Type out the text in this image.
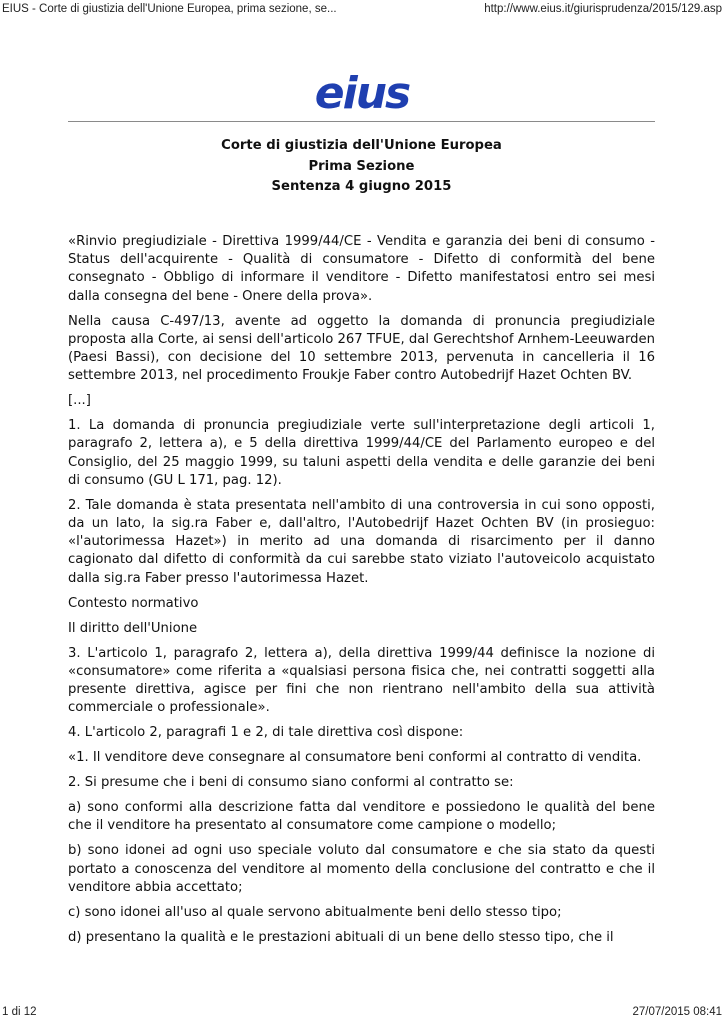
EIUS - Corte di giustizia dell'Unione Europea, prima sezione, se...	http://www.eius.it/giurisprudenza/2015/129.asp
eius
Corte di giustizia dell'Unione Europea
Prima Sezione
Sentenza 4 giugno 2015

«Rinvio pregiudiziale - Direttiva 1999/44/CE - Vendita e garanzia dei beni di consumo - Status dell'acquirente - Qualità di consumatore - Difetto di conformità del bene consegnato - Obbligo di informare il venditore - Difetto manifestatosi entro sei mesi dalla consegna del bene - Onere della prova».

Nella causa C-497/13, avente ad oggetto la domanda di pronuncia pregiudiziale proposta alla Corte, ai sensi dell'articolo 267 TFUE, dal Gerechtshof Arnhem-Leeuwarden (Paesi Bassi), con decisione del 10 settembre 2013, pervenuta in cancelleria il 16 settembre 2013, nel procedimento Froukje Faber contro Autobedrijf Hazet Ochten BV.

[...]

1. La domanda di pronuncia pregiudiziale verte sull'interpretazione degli articoli 1, paragrafo 2, lettera a), e 5 della direttiva 1999/44/CE del Parlamento europeo e del Consiglio, del 25 maggio 1999, su taluni aspetti della vendita e delle garanzie dei beni di consumo (GU L 171, pag. 12).

2. Tale domanda è stata presentata nell'ambito di una controversia in cui sono opposti, da un lato, la sig.ra Faber e, dall'altro, l'Autobedrijf Hazet Ochten BV (in prosieguo: «l'autorimessa Hazet») in merito ad una domanda di risarcimento per il danno cagionato dal difetto di conformità da cui sarebbe stato viziato l'autoveicolo acquistato dalla sig.ra Faber presso l'autorimessa Hazet.

Contesto normativo

Il diritto dell'Unione

3. L'articolo 1, paragrafo 2, lettera a), della direttiva 1999/44 definisce la nozione di «consumatore» come riferita a «qualsiasi persona fisica che, nei contratti soggetti alla presente direttiva, agisce per fini che non rientrano nell'ambito della sua attività commerciale o professionale».

4. L'articolo 2, paragrafi 1 e 2, di tale direttiva così dispone:

«1. Il venditore deve consegnare al consumatore beni conformi al contratto di vendita.

2. Si presume che i beni di consumo siano conformi al contratto se:

a) sono conformi alla descrizione fatta dal venditore e possiedono le qualità del bene che il venditore ha presentato al consumatore come campione o modello;

b) sono idonei ad ogni uso speciale voluto dal consumatore e che sia stato da questi portato a conoscenza del venditore al momento della conclusione del contratto e che il venditore abbia accettato;

c) sono idonei all'uso al quale servono abitualmente beni dello stesso tipo;

d) presentano la qualità e le prestazioni abituali di un bene dello stesso tipo, che il

1 di 12	27/07/2015 08:41
